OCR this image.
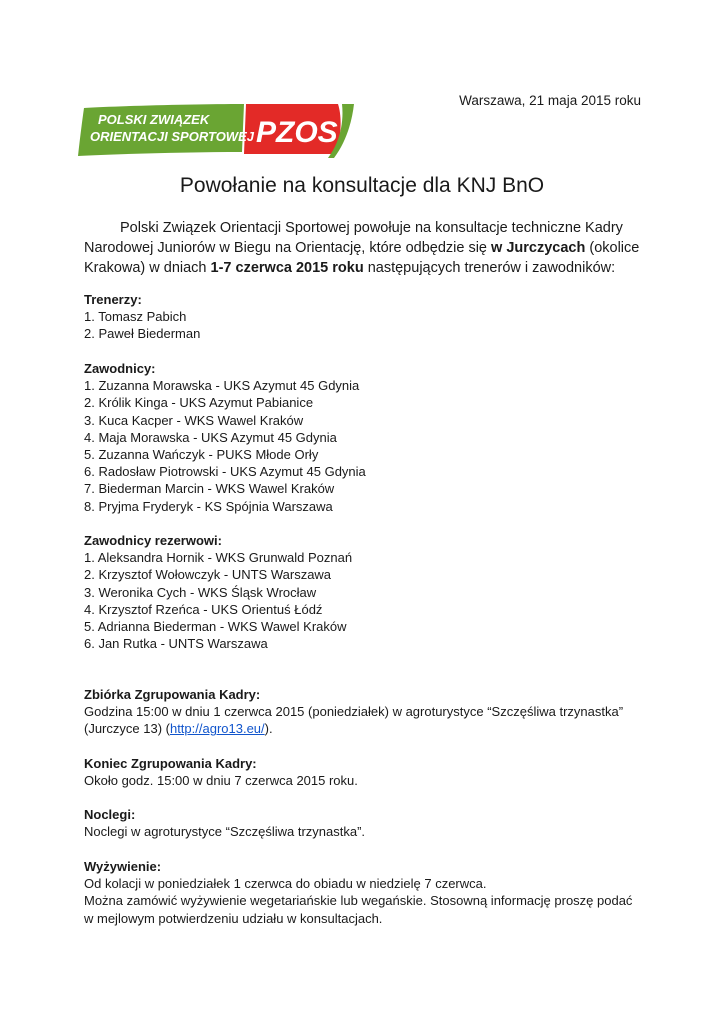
Warszawa, 21 maja 2015 roku
POLSKI ZWIĄZEK
ORIENTACJI SPORTOWEJ PZOS
Powołanie na konsultacje dla KNJ BnO

Polski Związek Orientacji Sportowej powołuje na konsultacje techniczne Kadry Narodowej Juniorów w Biegu na Orientację, które odbędzie się w Jurczycach (okolice Krakowa) w dniach 1-7 czerwca 2015 roku następujących trenerów i zawodników:

Trenerzy:
1. Tomasz Pabich
2. Paweł Biederman
Zawodnicy:
1. Zuzanna Morawska - UKS Azymut 45 Gdynia
2. Królik Kinga - UKS Azymut Pabianice
3. Kuca Kacper - WKS Wawel Kraków
4. Maja Morawska - UKS Azymut 45 Gdynia
5. Zuzanna Wańczyk - PUKS Młode Orły
6. Radosław Piotrowski - UKS Azymut 45 Gdynia
7. Biederman Marcin - WKS Wawel Kraków
8. Pryjma Fryderyk - KS Spójnia Warszawa
Zawodnicy rezerwowi:
1. Aleksandra Hornik - WKS Grunwald Poznań
2. Krzysztof Wołowczyk - UNTS Warszawa
3. Weronika Cych - WKS Śląsk Wrocław
4. Krzysztof Rzeńca - UKS Orientuś Łódź
5. Adrianna Biederman - WKS Wawel Kraków
6. Jan Rutka - UNTS Warszawa
Zbiórka Zgrupowania Kadry:
Godzina 15:00 w dniu 1 czerwca 2015 (poniedziałek) w agroturystyce “Szczęśliwa trzynastka”
(Jurczyce 13) (http://agro13.eu/).
Koniec Zgrupowania Kadry:
Około godz. 15:00 w dniu 7 czerwca 2015 roku.
Noclegi:
Noclegi w agroturystyce “Szczęśliwa trzynastka”.
Wyżywienie:
Od kolacji w poniedziałek 1 czerwca do obiadu w niedzielę 7 czerwca.
Można zamówić wyżywienie wegetariańskie lub wegańskie. Stosowną informację proszę podać
w mejlowym potwierdzeniu udziału w konsultacjach.
